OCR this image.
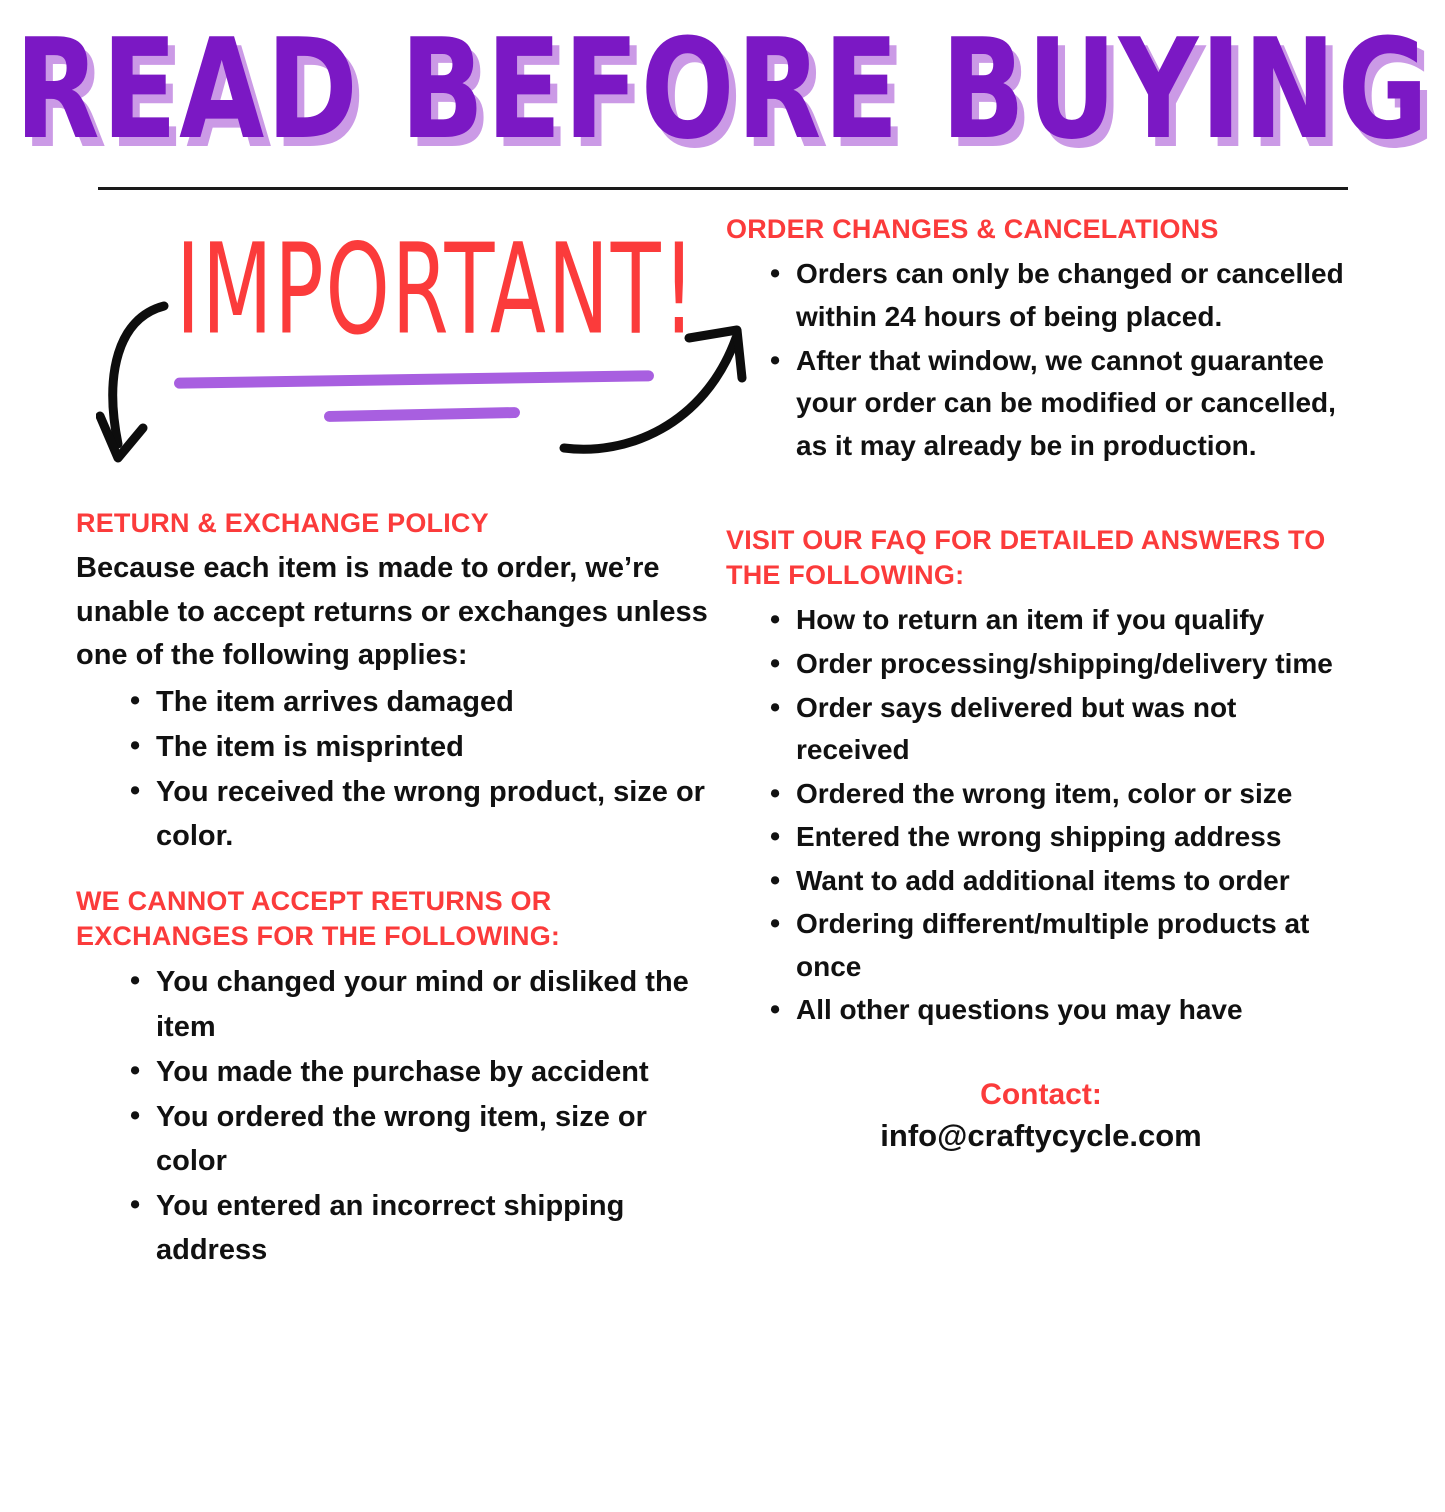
READ BEFORE BUYING
IMPORTANT!

RETURN & EXCHANGE POLICY

Because each item is made to order, we’re unable to accept returns or exchanges unless one of the following applies:

• The item arrives damaged
• The item is misprinted
• You received the wrong product, size or color.

WE CANNOT ACCEPT RETURNS OR EXCHANGES FOR THE FOLLOWING:

• You changed your mind or disliked the item
• You made the purchase by accident
• You ordered the wrong item, size or color
• You entered an incorrect shipping address

ORDER CHANGES & CANCELATIONS

• Orders can only be changed or cancelled within 24 hours of being placed.
• After that window, we cannot guarantee your order can be modified or cancelled, as it may already be in production.

VISIT OUR FAQ FOR DETAILED ANSWERS TO THE FOLLOWING:

• How to return an item if you qualify
• Order processing/shipping/delivery time
• Order says delivered but was not received
• Ordered the wrong item, color or size
• Entered the wrong shipping address
• Want to add additional items to order
• Ordering different/multiple products at once
• All other questions you may have

Contact:

info@craftycycle.com
